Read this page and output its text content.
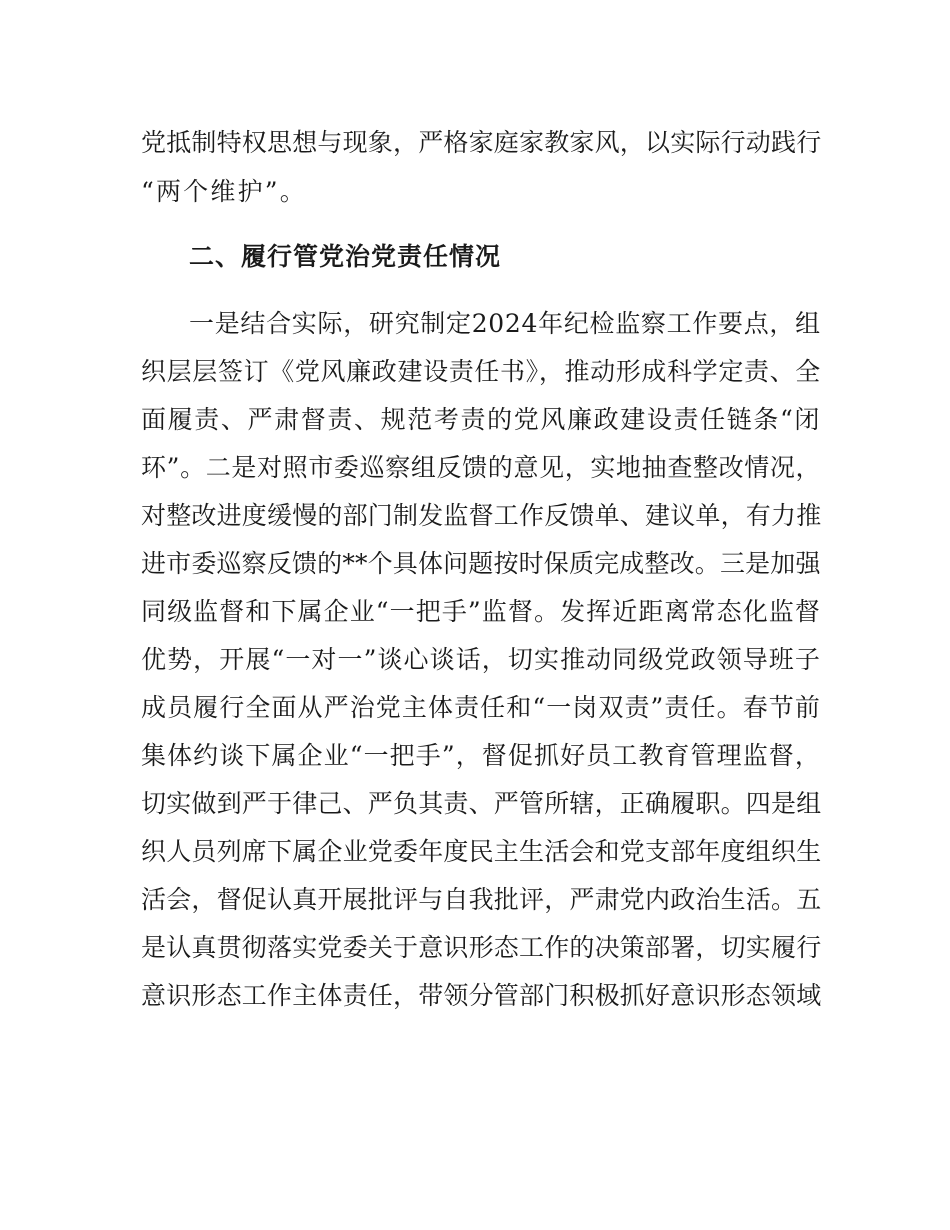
党抵制特权思想与现象，严格家庭家教家风，以实际行动践行
“两个维护”。
二、履行管党治党责任情况
一是结合实际，研究制定2024年纪检监察工作要点，组
织层层签订《党风廉政建设责任书》，推动形成科学定责、全
面履责、严肃督责、规范考责的党风廉政建设责任链条“闭
环”。二是对照市委巡察组反馈的意见，实地抽查整改情况，
对整改进度缓慢的部门制发监督工作反馈单、建议单，有力推
进市委巡察反馈的**个具体问题按时保质完成整改。三是加强
同级监督和下属企业“一把手”监督。发挥近距离常态化监督
优势，开展“一对一”谈心谈话，切实推动同级党政领导班子
成员履行全面从严治党主体责任和“一岗双责”责任。春节前
集体约谈下属企业“一把手”，督促抓好员工教育管理监督，
切实做到严于律己、严负其责、严管所辖，正确履职。四是组
织人员列席下属企业党委年度民主生活会和党支部年度组织生
活会，督促认真开展批评与自我批评，严肃党内政治生活。五
是认真贯彻落实党委关于意识形态工作的决策部署，切实履行
意识形态工作主体责任，带领分管部门积极抓好意识形态领域
